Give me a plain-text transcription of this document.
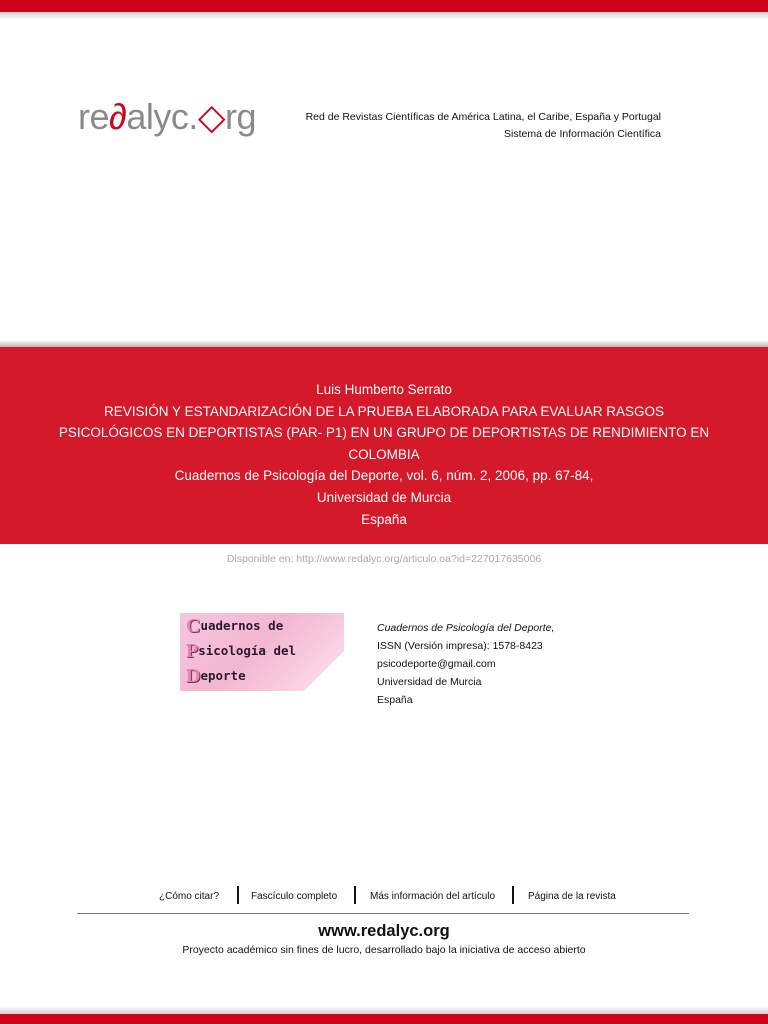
re∂alyc.◇rg	Red de Revistas Científicas de América Latina, el Caribe, España y Portugal
Sistema de Información Científica
Luis Humberto Serrato
REVISIÓN Y ESTANDARIZACIÓN DE LA PRUEBA ELABORADA PARA EVALUAR RASGOS
PSICOLÓGICOS EN DEPORTISTAS (PAR- P1) EN UN GRUPO DE DEPORTISTAS DE RENDIMIENTO EN
COLOMBIA
Cuadernos de Psicología del Deporte, vol. 6, núm. 2, 2006, pp. 67-84,
Universidad de Murcia
España
Disponible en: http://www.redalyc.org/articulo.oa?id=227017635006
Cuadernos de
Psicología del
Deporte
Cuadernos de Psicología del Deporte,
ISSN (Versión impresa): 1578-8423
psicodeporte@gmail.com
Universidad de Murcia
España
¿Cómo citar?	Fascículo completo	Más información del artículo	Página de la revista
www.redalyc.org
Proyecto académico sin fines de lucro, desarrollado bajo la iniciativa de acceso abierto
